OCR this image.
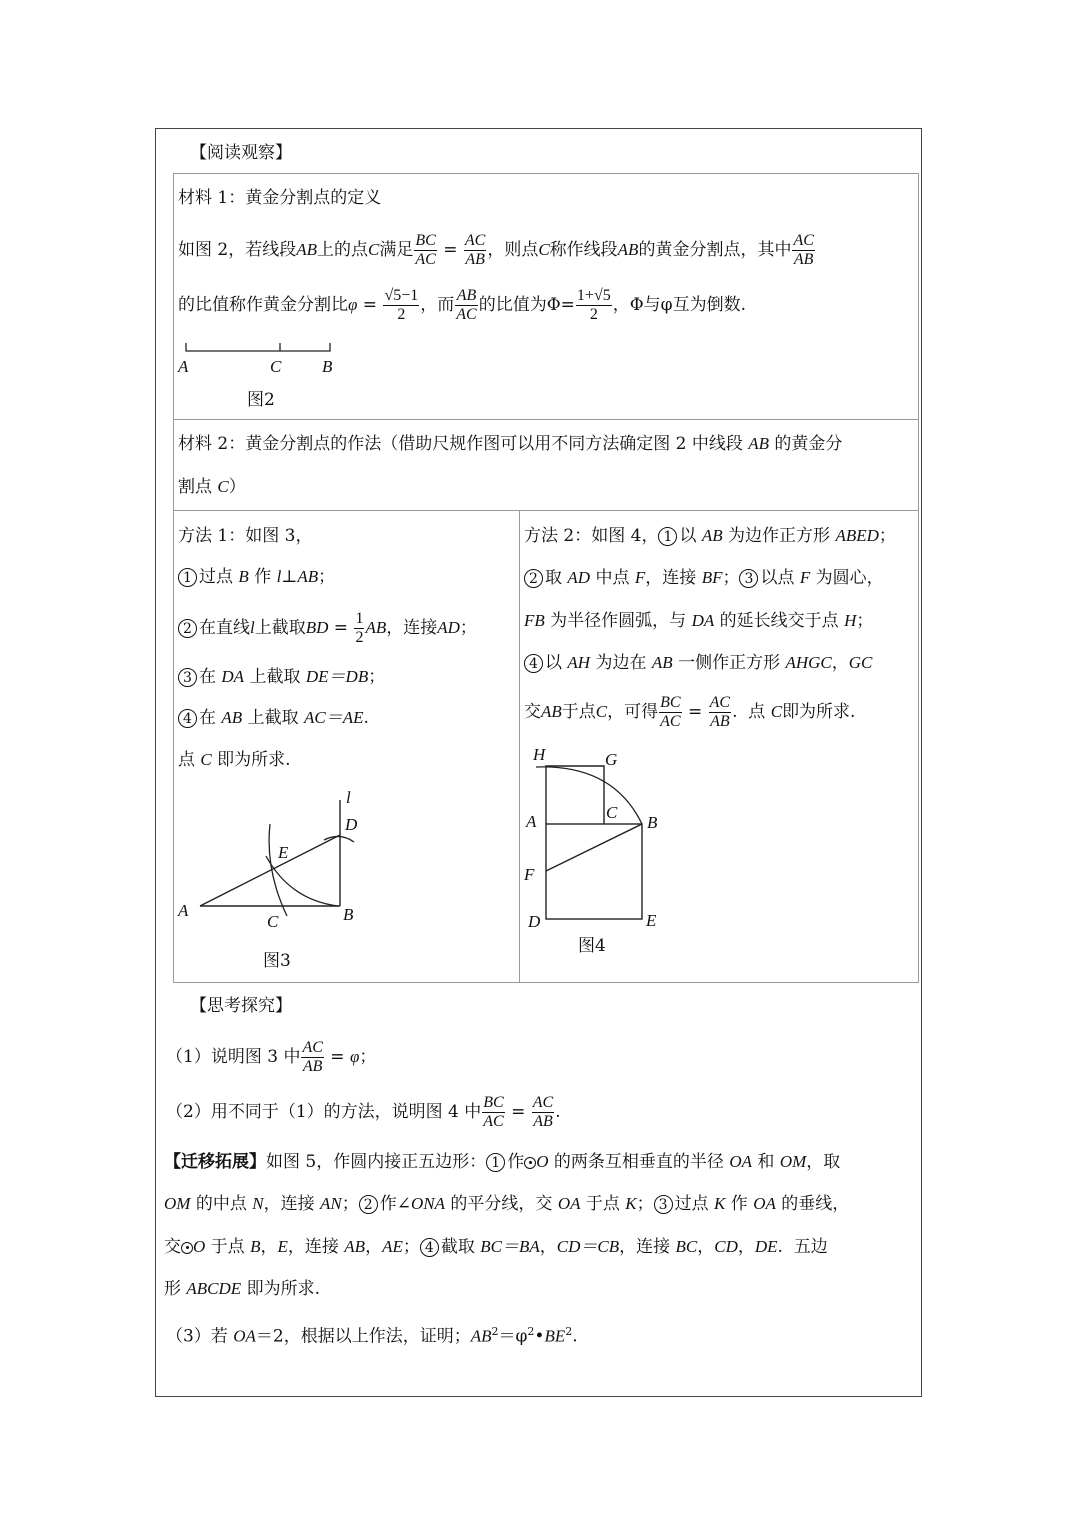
【阅读观察】
材料 1：黄金分割点的定义
如图 2，若线段 AB 上的点 C 满足 $\frac{BC}{AC} = \frac{AC}{AB}$ ，则点 C 称作线段 AB 的黄金分割点，其中 $\frac{AC}{AB}$
的比值称作黄金分割比 $\varphi = \frac{√5-1}{2}$ ，而 $\frac{AB}{AC}$ 的比值为$\Phi= \frac{1+√5}{2}$ ，Φ与φ互为倒数.
A	C B
图2
材料 2：黄金分割点的作法（借助尺规作图可以用不同方法确定图 2 中线段 AB 的黄金分
割点 C）
方法 1：如图 3，
1 过点 B 作 l⊥AB；
2 在直线 l 上截取 BD = $\frac{1}{2}$ AB ，连接 AD ；
3 在 DA 上截取 DE＝DB；
4 在 AB 上截取 AC＝AE.
点 C 即为所求.
l
D
E
A
C	B
图3
方法 2：如图 4， 1 以 AB 为边作正方形 ABED；
2 取 AD 中点 F，连接 BF； 3 以点 F 为圆心，
FB 为半径作圆弧，与 DA 的延长线交于点 H；
4 以 AH 为边在 AB 一侧作正方形 AHGC，GC
交 AB 于点 C ，可得 $\frac{BC}{AC} = \frac{AC}{AB}$ .  点 C 即为所求.
H	G
C
A	B
F
D	E
图4
【思考探究】
（1）说明图 3 中 $\frac{AC}{AB} = \varphi$ ；
（2）用不同于（1）的方法，说明图 4 中 $\frac{BC}{AC} = \frac{AC}{AB}$ .
【迁移拓展】如图 5，作圆内接正五边形： 1 作 O 的两条互相垂直的半径 OA 和 OM，取
OM 的中点 N，连接 AN； 2 作∠ONA 的平分线，交 OA 于点 K； 3 过点 K 作 OA 的垂线，
交 O 于点 B，E，连接 AB，AE； 4 截取 BC＝BA，CD＝CB，连接 BC，CD，DE.  五边
形 ABCDE 即为所求.
（3）若 OA＝2，根据以上作法，证明；$AB^2=\varphi^2•BE^2$.
